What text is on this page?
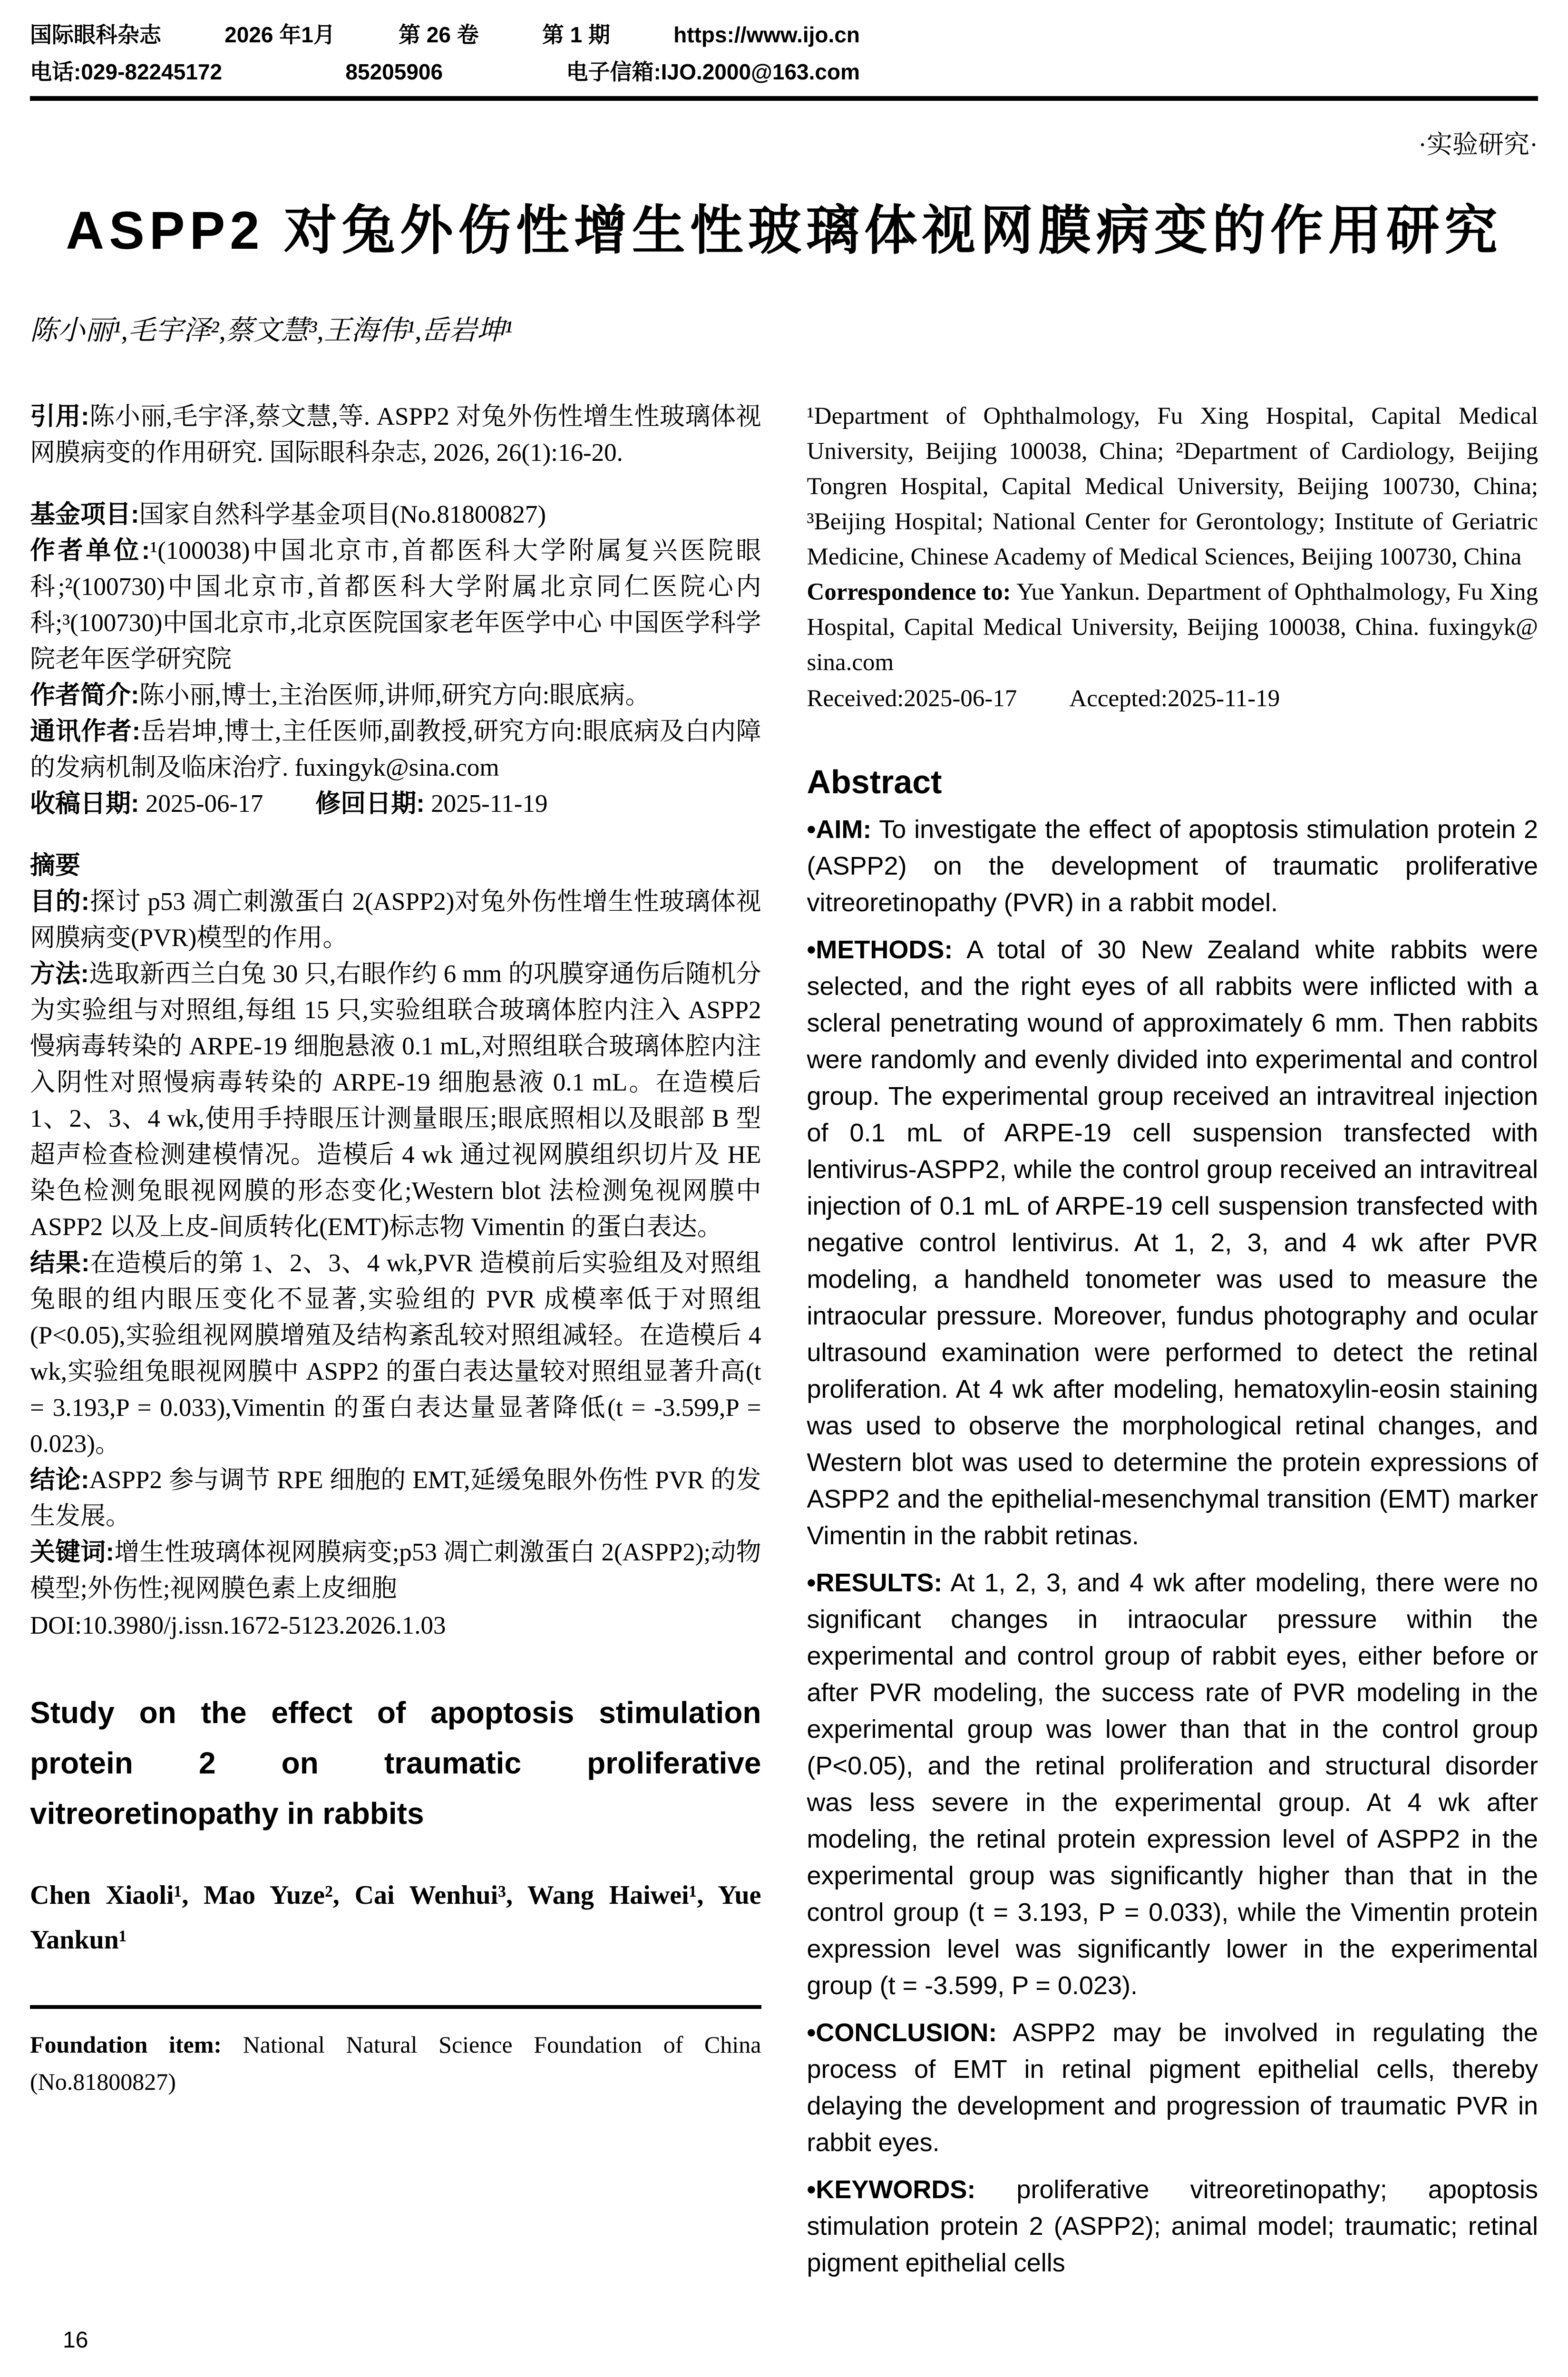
国际眼科杂志	2026 年1月	第 26 卷	第 1 期	https://www.ijo.cn
电话:029-82245172	85205906	电子信箱:IJO.2000@163.com
·实验研究·
ASPP2 对兔外伤性增生性玻璃体视网膜病变的作用研究
陈小丽¹,毛宇泽²,蔡文慧³,王海伟¹,岳岩坤¹

引用:陈小丽,毛宇泽,蔡文慧,等. ASPP2 对兔外伤性增生性玻璃体视网膜病变的作用研究. 国际眼科杂志, 2026, 26(1):16-20.

基金项目:国家自然科学基金项目(No.81800827)

作者单位:¹(100038)中国北京市,首都医科大学附属复兴医院眼科;²(100730)中国北京市,首都医科大学附属北京同仁医院心内科;³(100730)中国北京市,北京医院国家老年医学中心 中国医学科学院老年医学研究院

作者简介:陈小丽,博士,主治医师,讲师,研究方向:眼底病。

通讯作者:岳岩坤,博士,主任医师,副教授,研究方向:眼底病及白内障的发病机制及临床治疗. fuxingyk@sina.com

收稿日期: 2025-06-17 修回日期: 2025-11-19

摘要

目的:探讨 p53 凋亡刺激蛋白 2(ASPP2)对兔外伤性增生性玻璃体视网膜病变(PVR)模型的作用。

方法:选取新西兰白兔 30 只,右眼作约 6 mm 的巩膜穿通伤后随机分为实验组与对照组,每组 15 只,实验组联合玻璃体腔内注入 ASPP2 慢病毒转染的 ARPE-19 细胞悬液 0.1 mL,对照组联合玻璃体腔内注入阴性对照慢病毒转染的 ARPE-19 细胞悬液 0.1 mL。在造模后 1、2、3、4 wk,使用手持眼压计测量眼压;眼底照相以及眼部 B 型超声检查检测建模情况。造模后 4 wk 通过视网膜组织切片及 HE 染色检测兔眼视网膜的形态变化;Western blot 法检测兔视网膜中 ASPP2 以及上皮-间质转化(EMT)标志物 Vimentin 的蛋白表达。

结果:在造模后的第 1、2、3、4 wk,PVR 造模前后实验组及对照组兔眼的组内眼压变化不显著,实验组的 PVR 成模率低于对照组(P<0.05),实验组视网膜增殖及结构紊乱较对照组减轻。在造模后 4 wk,实验组兔眼视网膜中 ASPP2 的蛋白表达量较对照组显著升高(t = 3.193,P = 0.033),Vimentin 的蛋白表达量显著降低(t = -3.599,P = 0.023)。

结论:ASPP2 参与调节 RPE 细胞的 EMT,延缓兔眼外伤性 PVR 的发生发展。

关键词:增生性玻璃体视网膜病变;p53 凋亡刺激蛋白 2(ASPP2);动物模型;外伤性;视网膜色素上皮细胞

DOI:10.3980/j.issn.1672-5123.2026.1.03

Study on the effect of apoptosis stimulation protein 2 on traumatic proliferative vitreoretinopathy in rabbits

Chen Xiaoli¹, Mao Yuze², Cai Wenhui³, Wang Haiwei¹, Yue Yankun¹

Foundation item: National Natural Science Foundation of China (No.81800827)

¹Department of Ophthalmology, Fu Xing Hospital, Capital Medical University, Beijing 100038, China; ²Department of Cardiology, Beijing Tongren Hospital, Capital Medical University, Beijing 100730, China; ³Beijing Hospital; National Center for Gerontology; Institute of Geriatric Medicine, Chinese Academy of Medical Sciences, Beijing 100730, China

Correspondence to: Yue Yankun. Department of Ophthalmology, Fu Xing Hospital, Capital Medical University, Beijing 100038, China. fuxingyk@ sina.com

Received:2025-06-17 Accepted:2025-11-19

Abstract

•AIM: To investigate the effect of apoptosis stimulation protein 2 (ASPP2) on the development of traumatic proliferative vitreoretinopathy (PVR) in a rabbit model.

•METHODS: A total of 30 New Zealand white rabbits were selected, and the right eyes of all rabbits were inflicted with a scleral penetrating wound of approximately 6 mm. Then rabbits were randomly and evenly divided into experimental and control group. The experimental group received an intravitreal injection of 0.1 mL of ARPE-19 cell suspension transfected with lentivirus-ASPP2, while the control group received an intravitreal injection of 0.1 mL of ARPE-19 cell suspension transfected with negative control lentivirus. At 1, 2, 3, and 4 wk after PVR modeling, a handheld tonometer was used to measure the intraocular pressure. Moreover, fundus photography and ocular ultrasound examination were performed to detect the retinal proliferation. At 4 wk after modeling, hematoxylin-eosin staining was used to observe the morphological retinal changes, and Western blot was used to determine the protein expressions of ASPP2 and the epithelial-mesenchymal transition (EMT) marker Vimentin in the rabbit retinas.

•RESULTS: At 1, 2, 3, and 4 wk after modeling, there were no significant changes in intraocular pressure within the experimental and control group of rabbit eyes, either before or after PVR modeling, the success rate of PVR modeling in the experimental group was lower than that in the control group (P<0.05), and the retinal proliferation and structural disorder was less severe in the experimental group. At 4 wk after modeling, the retinal protein expression level of ASPP2 in the experimental group was significantly higher than that in the control group (t = 3.193, P = 0.033), while the Vimentin protein expression level was significantly lower in the experimental group (t = -3.599, P = 0.023).

•CONCLUSION: ASPP2 may be involved in regulating the process of EMT in retinal pigment epithelial cells, thereby delaying the development and progression of traumatic PVR in rabbit eyes.

•KEYWORDS: proliferative vitreoretinopathy; apoptosis stimulation protein 2 (ASPP2); animal model; traumatic; retinal pigment epithelial cells

16
